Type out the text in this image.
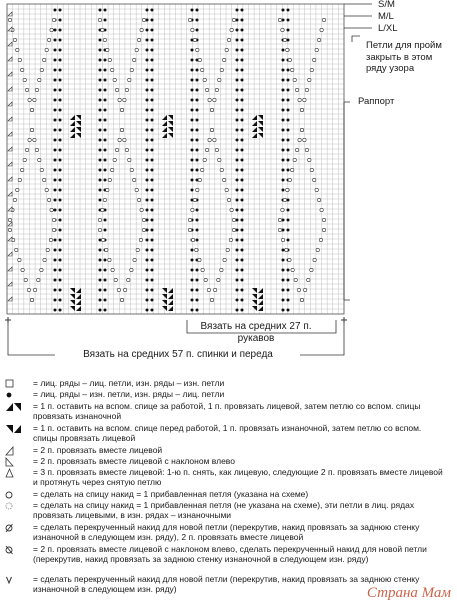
S/M
M/L
L/XL
Петли для пройм закрыть в этом ряду узора
Раппорт
Вязать на средних 27 п. рукавов
Вязать на средних 57 п. спинки и переда
= лиц. ряды – лиц. петли, изн. ряды – изн. петли
= лиц. ряды – изн. петли, изн. ряды – лиц. петли
= 1 п. оставить на вспом. спице за работой, 1 п. провязать лицевой, затем петлю со вспом. спицы провязать изнаночной
= 1 п. оставить на вспом. спице перед работой, 1 п. провязать изнаночной, затем петлю со вспом. спицы провязать лицевой
= 2 п. провязать вместе лицевой
= 2 п. провязать вместе лицевой с наклоном влево
= 3 п. провязать вместе лицевой: 1-ю п. снять, как лицевую, следующие 2 п. провязать вместе лицевой и протянуть через снятую петлю
= сделать на спицу накид = 1 прибавленная петля (указана на схеме)
= сделать на спицу накид = 1 прибавленная петля (не указана на схеме), эти петли в лиц. рядах провязать лицевыми, в изн. рядах – изнаночными
= сделать перекрученный накид для новой петли (перекрутив, накид провязать за заднюю стенку изнаночной в следующем изн. ряду), 2 п. провязать вместе лицевой
= 2 п. провязать вместе лицевой с наклоном влево, сделать перекрученный накид для новой петли (перекрутив, накид провязать за заднюю стенку изнаночной в следующем изн. ряду)
= сделать перекрученный накид для новой петли (перекрутив, накид провязать за заднюю стенку изнаночной в следующем изн. ряду)	Страна Мам
